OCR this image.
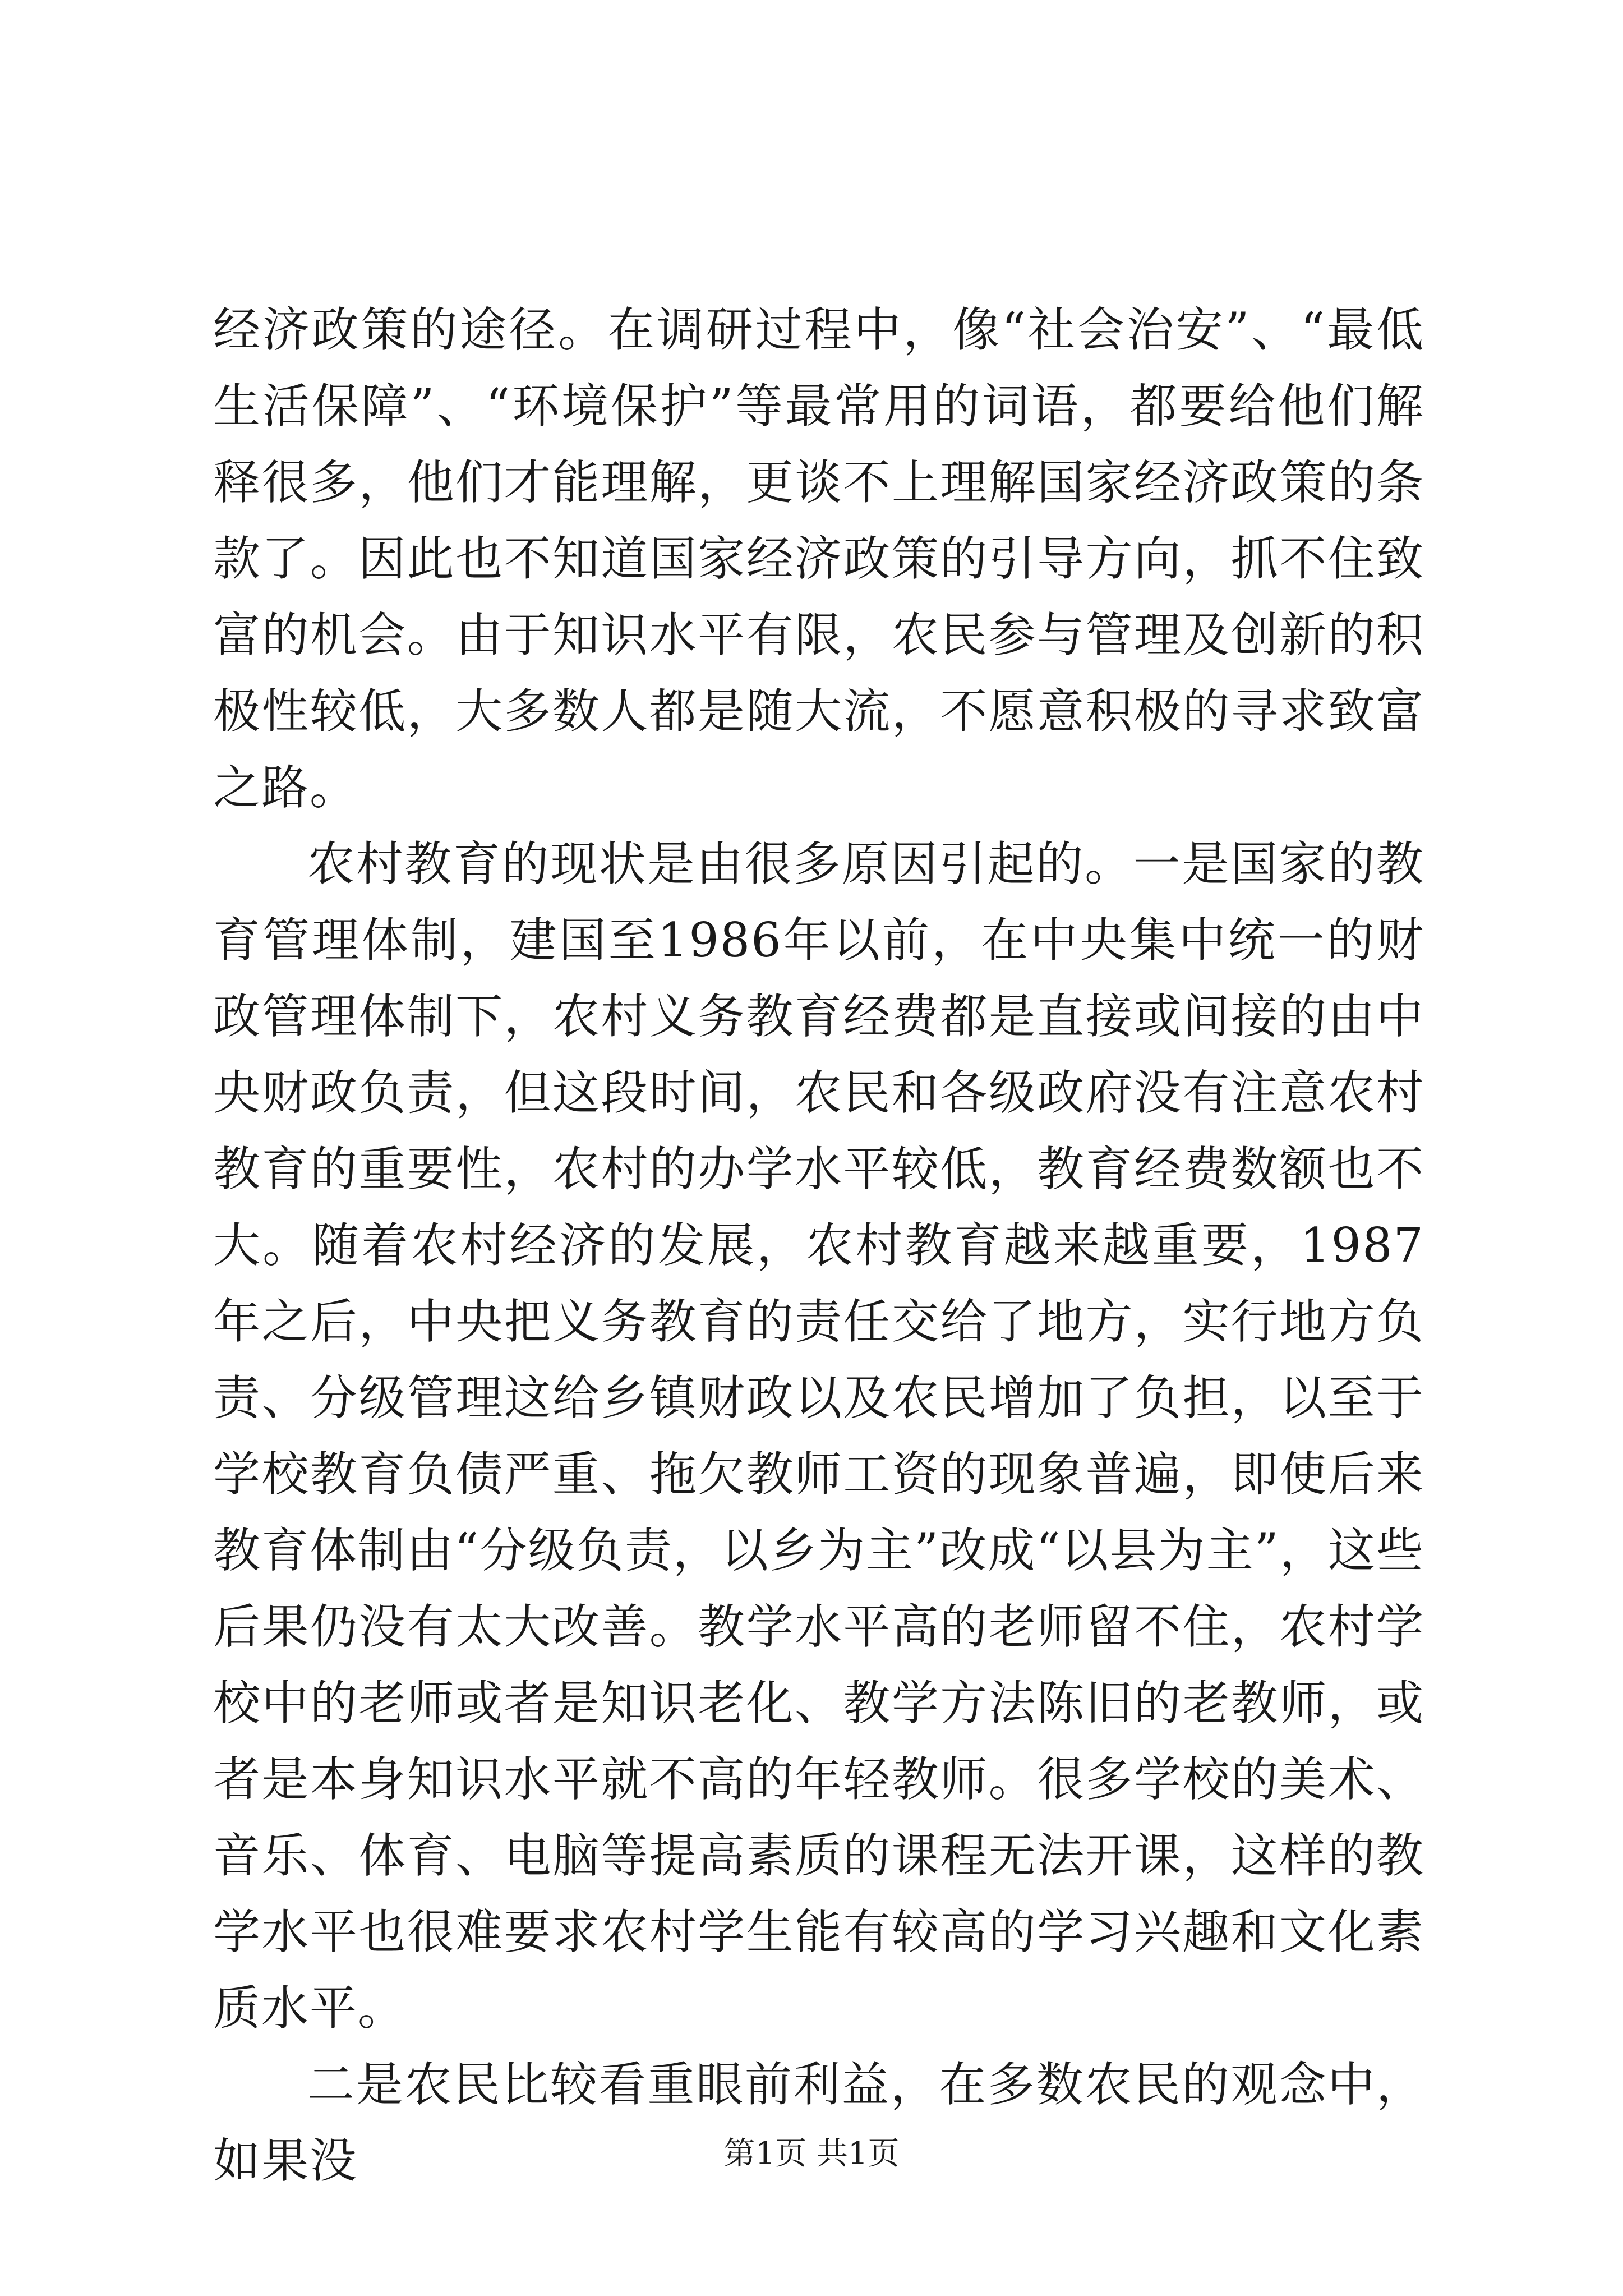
经济政策的途径。在调研过程中，像“社会治安”、“最低生活保障”、“环境保护”等最常用的词语，都要给他们解释很多，他们才能理解，更谈不上理解国家经济政策的条款了。因此也不知道国家经济政策的引导方向，抓不住致富的机会。由于知识水平有限，农民参与管理及创新的积极性较低，大多数人都是随大流，不愿意积极的寻求致富之路。

农村教育的现状是由很多原因引起的。一是国家的教育管理体制，建国至1986年以前，在中央集中统一的财政管理体制下，农村义务教育经费都是直接或间接的由中央财政负责，但这段时间，农民和各级政府没有注意农村教育的重要性，农村的办学水平较低，教育经费数额也不大。随着农村经济的发展，农村教育越来越重要，1987年之后，中央把义务教育的责任交给了地方，实行地方负责、分级管理这给乡镇财政以及农民增加了负担，以至于学校教育负债严重、拖欠教师工资的现象普遍，即使后来教育体制由“分级负责，以乡为主”改成“以县为主”，这些后果仍没有太大改善。教学水平高的老师留不住，农村学校中的老师或者是知识老化、教学方法陈旧的老教师，或者是本身知识水平就不高的年轻教师。很多学校的美术、音乐、体育、电脑等提高素质的课程无法开课，这样的教学水平也很难要求农村学生能有较高的学习兴趣和文化素质水平。

二是农民比较看重眼前利益，在多数农民的观念中，如果没	第1页 共1页
